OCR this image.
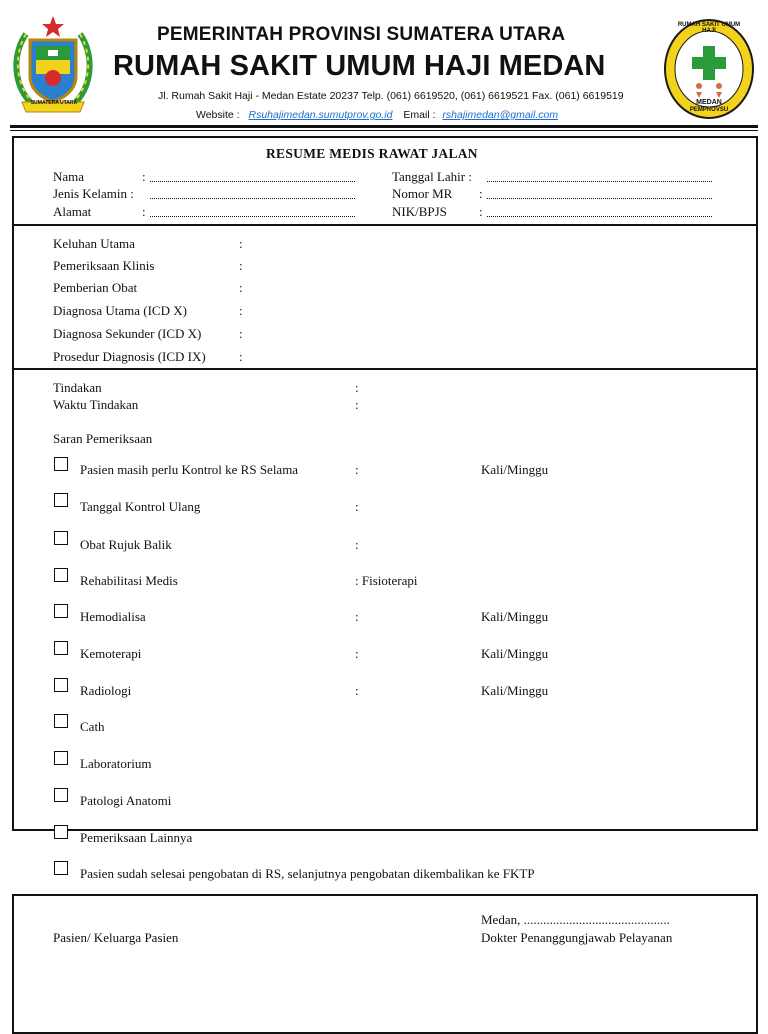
SUMATERA UTARA
PEMERINTAH PROVINSI SUMATERA UTARA
RUMAH SAKIT UMUM HAJI MEDAN
Jl. Rumah Sakit Haji - Medan Estate 20237 Telp. (061) 6619520, (061) 6619521 Fax. (061) 6619519
Website : Rsuhajimedan.sumutprov.go.id Email : rshajimedan@gmail.com
RUMAH SAKIT UMUM HAJI
MEDAN
PEMPROVSU
RESUME MEDIS RAWAT JALAN
Nama	:
Jenis Kelamin :
Alamat	:
Tanggal Lahir :
Nomor MR :
NIK/BPJS :
Keluhan Utama	:
Pemeriksaan Klinis	:
Pemberian Obat	:
Diagnosa Utama (ICD X)	:
Diagnosa Sekunder (ICD X)	:
Prosedur Diagnosis (ICD IX)	:
Tindakan	:
Waktu Tindakan	:
Saran Pemeriksaan
Pasien masih perlu Kontrol ke RS Selama	:	Kali/Minggu
Tanggal Kontrol Ulang	:
Obat Rujuk Balik	:
Rehabilitasi Medis	: Fisioterapi
Hemodialisa	:	Kali/Minggu
Kemoterapi	:	Kali/Minggu
Radiologi	:	Kali/Minggu
Cath
Laboratorium
Patologi Anatomi
Pemeriksaan Lainnya
Pasien sudah selesai pengobatan di RS, selanjutnya pengobatan dikembalikan ke FKTP
Medan, .............................................
Pasien/ Keluarga Pasien	Dokter Penanggungjawab Pelayanan
